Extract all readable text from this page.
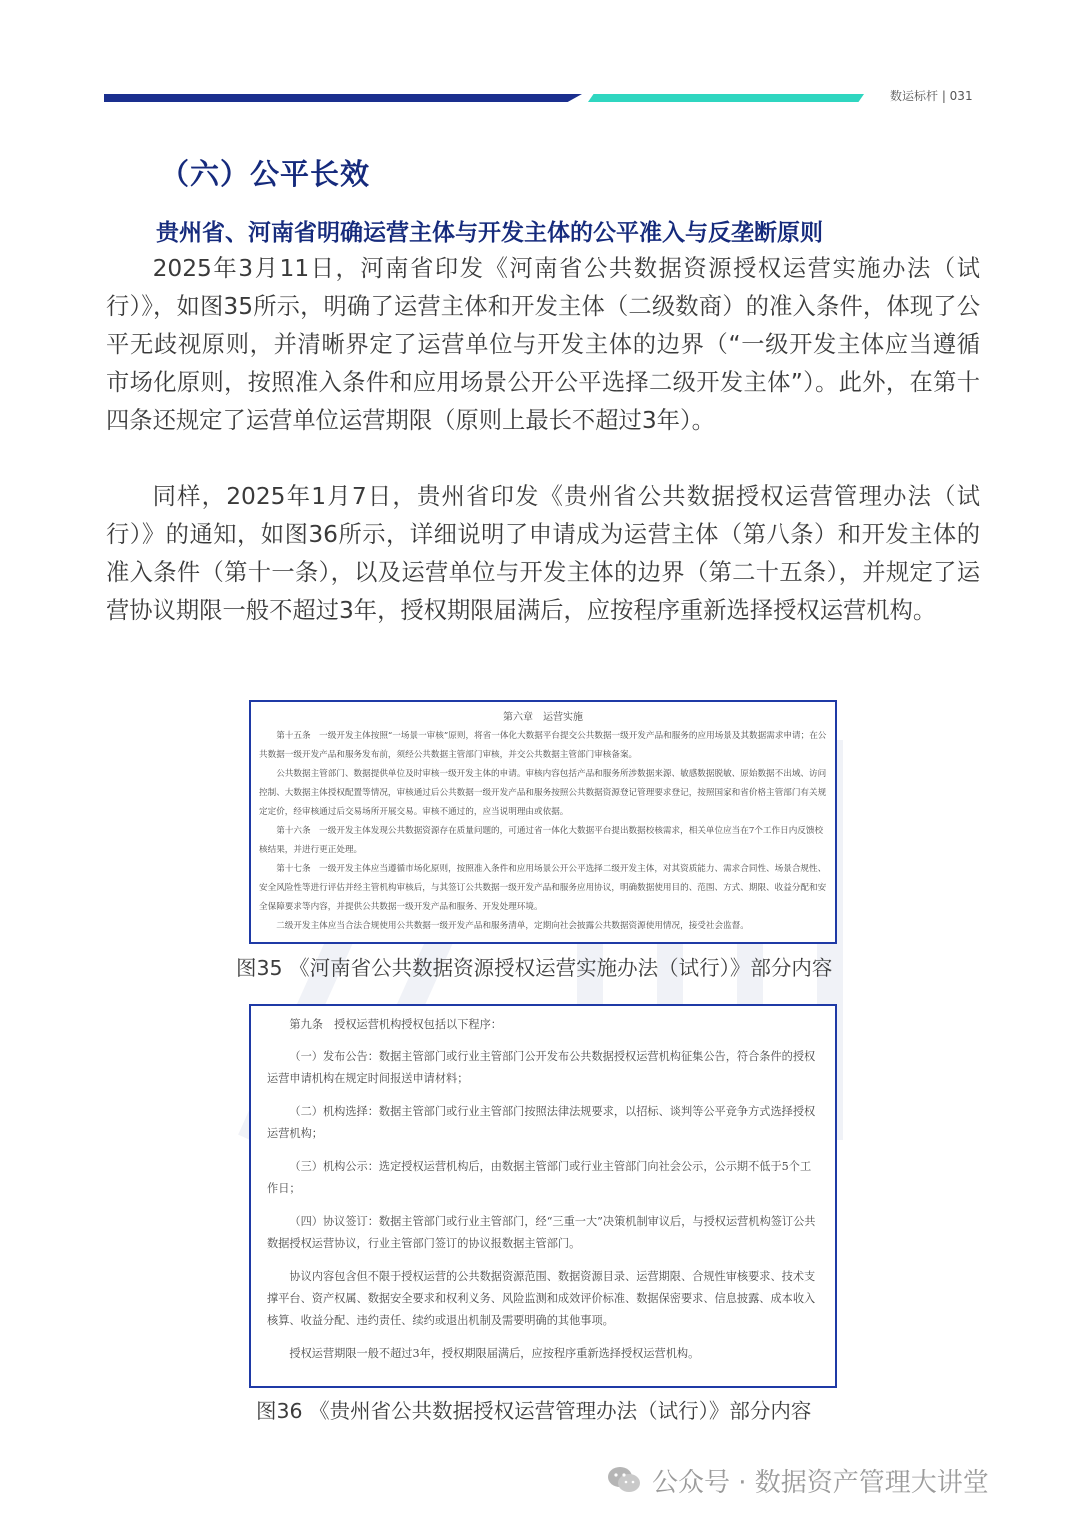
数运标杆 | 031
（六）公平长效
贵州省、河南省明确运营主体与开发主体的公平准入与反垄断原则

2025年3月11日，河南省印发《河南省公共数据资源授权运营实施办法（试行）》，如图35所示，明确了运营主体和开发主体（二级数商）的准入条件，体现了公平无歧视原则，并清晰界定了运营单位与开发主体的边界（“一级开发主体应当遵循市场化原则，按照准入条件和应用场景公开公平选择二级开发主体”）。此外，在第十四条还规定了运营单位运营期限（原则上最长不超过3年）。

同样，2025年1月7日，贵州省印发《贵州省公共数据授权运营管理办法（试行）》的通知，如图36所示，详细说明了申请成为运营主体（第八条）和开发主体的准入条件（第十一条），以及运营单位与开发主体的边界（第二十五条），并规定了运营协议期限一般不超过3年，授权期限届满后，应按程序重新选择授权运营机构。

第六章　运营实施

第十五条　一级开发主体按照“一场景一审核”原则，将省一体化大数据平台提交公共数据一级开发产品和服务的应用场景及其数据需求申请；在公共数据一级开发产品和服务发布前，须经公共数据主管部门审核，并交公共数据主管部门审核备案。

公共数据主管部门、数据提供单位及时审核一级开发主体的申请。审核内容包括产品和服务所涉数据来源、敏感数据脱敏、原始数据不出域、访问控制、大数据主体授权配置等情况，审核通过后公共数据一级开发产品和服务按照公共数据资源登记管理要求登记，按照国家和省价格主管部门有关规定定价，经审核通过后交易场所开展交易。审核不通过的，应当说明理由或依据。

第十六条　一级开发主体发现公共数据资源存在质量问题的，可通过省一体化大数据平台提出数据校核需求，相关单位应当在7个工作日内反馈校核结果，并进行更正处理。

第十七条　一级开发主体应当遵循市场化原则，按照准入条件和应用场景公开公平选择二级开发主体，对其资质能力、需求合同性、场景合规性、安全风险性等进行评估并经主管机构审核后，与其签订公共数据一级开发产品和服务应用协议，明确数据使用目的、范围、方式、期限、收益分配和安全保障要求等内容，并提供公共数据一级开发产品和服务、开发处理环境。

二级开发主体应当合法合规使用公共数据一级开发产品和服务清单，定期向社会披露公共数据资源使用情况，接受社会监督。

图35 《河南省公共数据资源授权运营实施办法（试行）》部分内容

第九条　授权运营机构授权包括以下程序：

（一）发布公告：数据主管部门或行业主管部门公开发布公共数据授权运营机构征集公告，符合条件的授权运营申请机构在规定时间报送申请材料；

（二）机构选择：数据主管部门或行业主管部门按照法律法规要求，以招标、谈判等公平竞争方式选择授权运营机构；

（三）机构公示：选定授权运营机构后，由数据主管部门或行业主管部门向社会公示，公示期不低于5个工作日；

（四）协议签订：数据主管部门或行业主管部门，经“三重一大”决策机制审议后，与授权运营机构签订公共数据授权运营协议，行业主管部门签订的协议报数据主管部门。

协议内容包含但不限于授权运营的公共数据资源范围、数据资源目录、运营期限、合规性审核要求、技术支撑平台、资产权属、数据安全要求和权利义务、风险监测和成效评价标准、数据保密要求、信息披露、成本收入核算、收益分配、违约责任、续约或退出机制及需要明确的其他事项。

授权运营期限一般不超过3年，授权期限届满后，应按程序重新选择授权运营机构。

图36 《贵州省公共数据授权运营管理办法（试行）》部分内容
公众号 · 数据资产管理大讲堂
